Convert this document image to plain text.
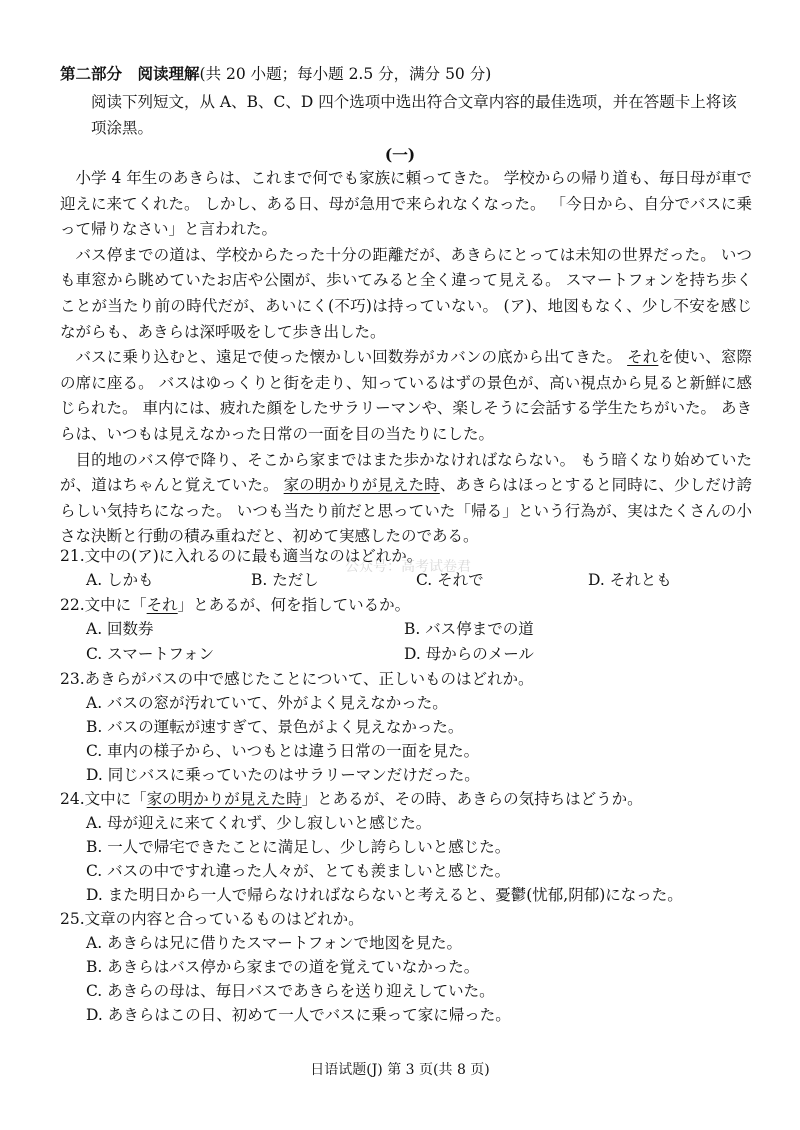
第二部分　阅读理解(共 20 小题；每小题 2.5 分，满分 50 分)
阅读下列短文，从 A、B、C、D 四个选项中选出符合文章内容的最佳选项，并在答题卡上将该项涂黑。
(一)

小学 4 年生のあきらは、これまで何でも家族に頼ってきた。 学校からの帰り道も、毎日母が車で迎えに来てくれた。 しかし、ある日、母が急用で来られなくなった。 「今日から、自分でバスに乗って帰りなさい」と言われた。

バス停までの道は、学校からたった十分の距離だが、あきらにとっては未知の世界だった。 いつも車窓から眺めていたお店や公園が、歩いてみると全く違って見える。 スマートフォンを持ち歩くことが当たり前の時代だが、あいにく(不巧)は持っていない。 (ア)、地図もなく、少し不安を感じながらも、あきらは深呼吸をして歩き出した。

バスに乗り込むと、遠足で使った懐かしい回数券がカバンの底から出てきた。 それを使い、窓際の席に座る。 バスはゆっくりと街を走り、知っているはずの景色が、高い視点から見ると新鮮に感じられた。 車内には、疲れた顔をしたサラリーマンや、楽しそうに会話する学生たちがいた。 あきらは、いつもは見えなかった日常の一面を目の当たりにした。

目的地のバス停で降り、そこから家まではまた歩かなければならない。 もう暗くなり始めていたが、道はちゃんと覚えていた。 家の明かりが見えた時、あきらはほっとすると同時に、少しだけ誇らしい気持ちになった。 いつも当たり前だと思っていた「帰る」という行為が、実はたくさんの小さな決断と行動の積み重ねだと、初めて実感したのである。

公众号：高考试卷君
21.文中の(ア)に入れるのに最も適当なのはどれか。
A. しかも	B. ただし	C. それで	D. それとも
22.文中に「それ」とあるが、何を指しているか。
A. 回数券	B. バス停までの道
C. スマートフォン	D. 母からのメール
23.あきらがバスの中で感じたことについて、正しいものはどれか。
A. バスの窓が汚れていて、外がよく見えなかった。
B. バスの運転が速すぎて、景色がよく見えなかった。
C. 車内の様子から、いつもとは違う日常の一面を見た。
D. 同じバスに乗っていたのはサラリーマンだけだった。
24.文中に「家の明かりが見えた時」とあるが、その時、あきらの気持ちはどうか。
A. 母が迎えに来てくれず、少し寂しいと感じた。
B. 一人で帰宅できたことに満足し、少し誇らしいと感じた。
C. バスの中ですれ違った人々が、とても羨ましいと感じた。
D. また明日から一人で帰らなければならないと考えると、憂鬱(忧郁,阴郁)になった。
25.文章の内容と合っているものはどれか。
A. あきらは兄に借りたスマートフォンで地図を見た。
B. あきらはバス停から家までの道を覚えていなかった。
C. あきらの母は、毎日バスであきらを送り迎えしていた。
D. あきらはこの日、初めて一人でバスに乗って家に帰った。
日语试题(J) 第 3 页(共 8 页)
